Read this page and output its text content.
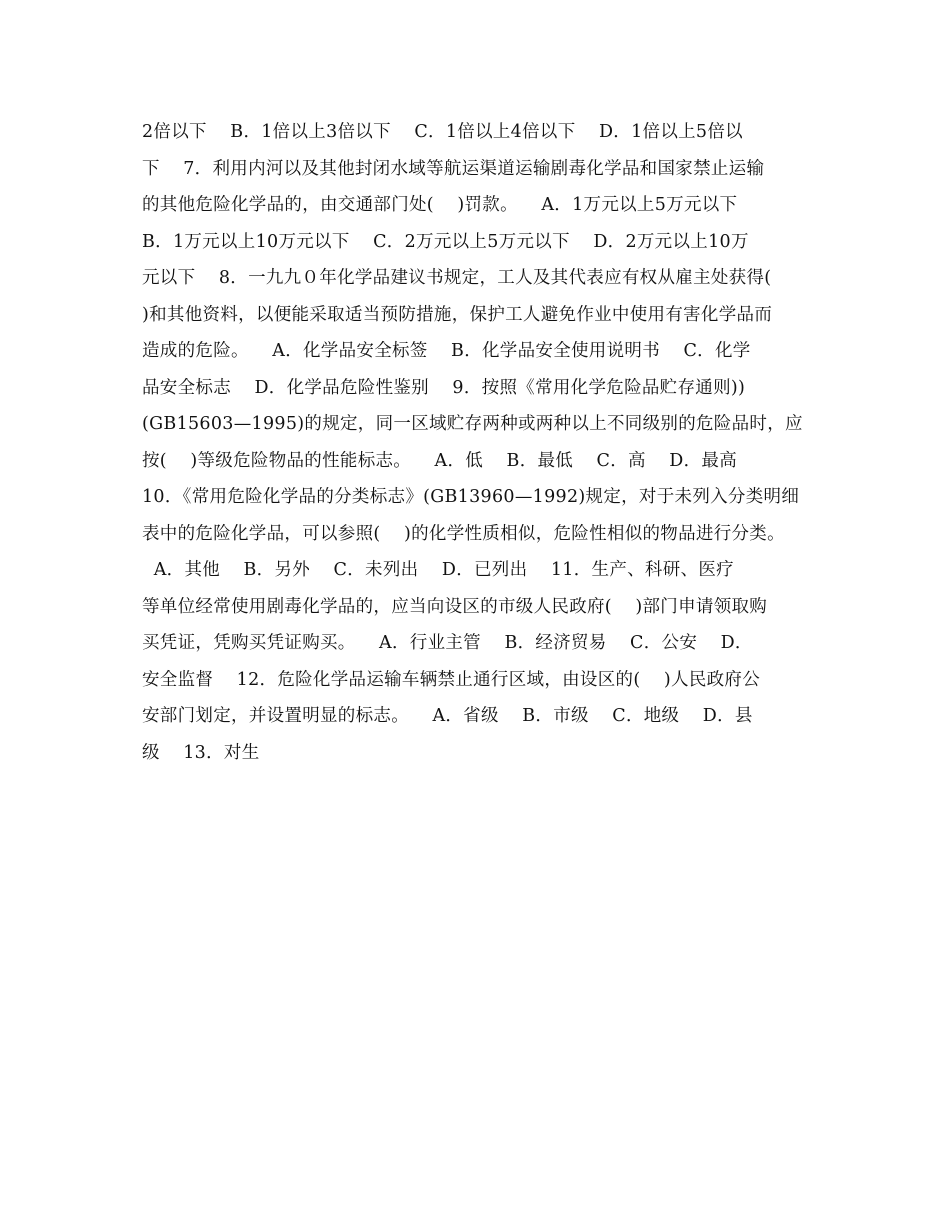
2倍以下    B．1倍以上3倍以下    C．1倍以上4倍以下    D．1倍以上5倍以
下    7．利用内河以及其他封闭水域等航运渠道运输剧毒化学品和国家禁止运输
的其他危险化学品的，由交通部门处(    )罚款。    A．1万元以上5万元以下
B．1万元以上10万元以下    C．2万元以上5万元以下    D．2万元以上10万
元以下    8．一九九０年化学品建议书规定，工人及其代表应有权从雇主处获得(
)和其他资料，以便能采取适当预防措施，保护工人避免作业中使用有害化学品而
造成的危险。    A．化学品安全标签    B．化学品安全使用说明书    C．化学
品安全标志    D．化学品危险性鉴别    9．按照《常用化学危险品贮存通则))
(GB15603—1995)的规定，同一区域贮存两种或两种以上不同级别的危险品时，应
按(    )等级危险物品的性能标志。    A．低    B．最低    C．高    D．最高
10．《常用危险化学品的分类标志》(GB13960—1992)规定，对于未列入分类明细
表中的危险化学品，可以参照(    )的化学性质相似，危险性相似的物品进行分类。
A．其他    B．另外    C．未列出    D．已列出    11．生产、科研、医疗
等单位经常使用剧毒化学品的，应当向设区的市级人民政府(    )部门申请领取购
买凭证，凭购买凭证购买。    A．行业主管    B．经济贸易    C．公安    D．
安全监督    12．危险化学品运输车辆禁止通行区域，由设区的(    )人民政府公
安部门划定，并设置明显的标志。    A．省级    B．市级    C．地级    D．县
级    13．对生
